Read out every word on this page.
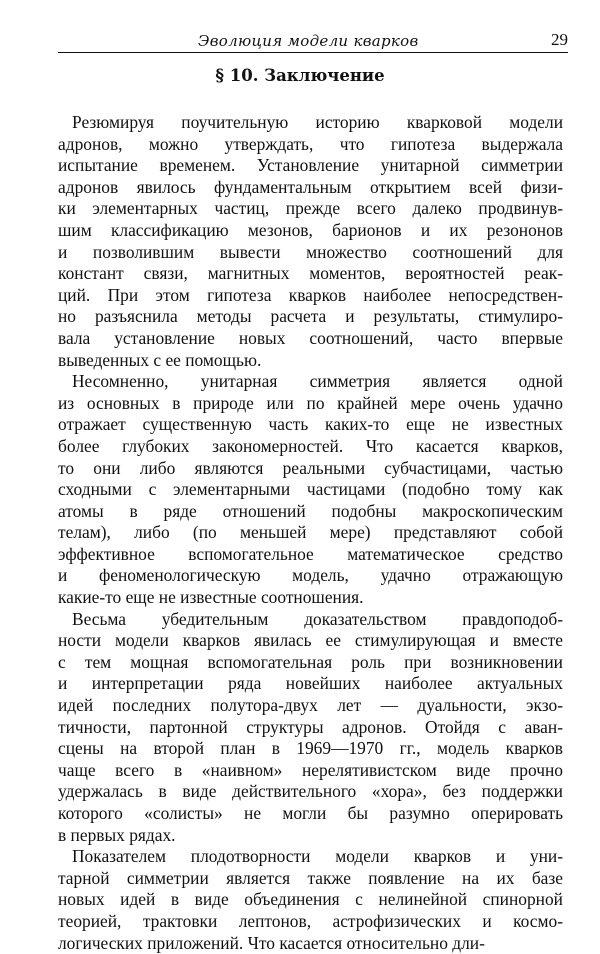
Эволюция модели кварков	29
§ 10. Заключение

Резюмируя поучительную историю кварковой модели
адронов, можно утверждать, что гипотеза выдержала
испытание временем. Установление унитарной симметрии
адронов явилось фундаментальным открытием всей физи-
ки элементарных частиц, прежде всего далеко продвинув-
шим классификацию мезонов, барионов и их резононов
и позволившим вывести множество соотношений для
констант связи, магнитных моментов, вероятностей реак-
ций. При этом гипотеза кварков наиболее непосредствен-
но разъяснила методы расчета и результаты, стимулиро-
вала установление новых соотношений, часто впервые
выведенных с ее помощью.

Несомненно, унитарная симметрия является одной
из основных в природе или по крайней мере очень удачно
отражает существенную часть каких-то еще не известных
более глубоких закономерностей. Что касается кварков,
то они либо являются реальными субчастицами, частью
сходными с элементарными частицами (подобно тому как
атомы в ряде отношений подобны макроскопическим
телам), либо (по меньшей мере) представляют собой
эффективное вспомогательное математическое средство
и феноменологическую модель, удачно отражающую
какие-то еще не известные соотношения.

Весьма убедительным доказательством правдоподоб-
ности модели кварков явилась ее стимулирующая и вместе
с тем мощная вспомогательная роль при возникновении
и интерпретации ряда новейших наиболее актуальных
идей последних полутора-двух лет — дуальности, экзо-
тичности, партонной структуры адронов. Отойдя с аван-
сцены на второй план в 1969—1970 гг., модель кварков
чаще всего в «наивном» нерелятивистском виде прочно
удержалась в виде действительного «хора», без поддержки
которого «солисты» не могли бы разумно оперировать
в первых рядах.

Показателем плодотворности модели кварков и уни-
тарной симметрии является также появление на их базе
новых идей в виде объединения с нелинейной спинорной
теорией, трактовки лептонов, астрофизических и космо-
логических приложений. Что касается относительно дли-
